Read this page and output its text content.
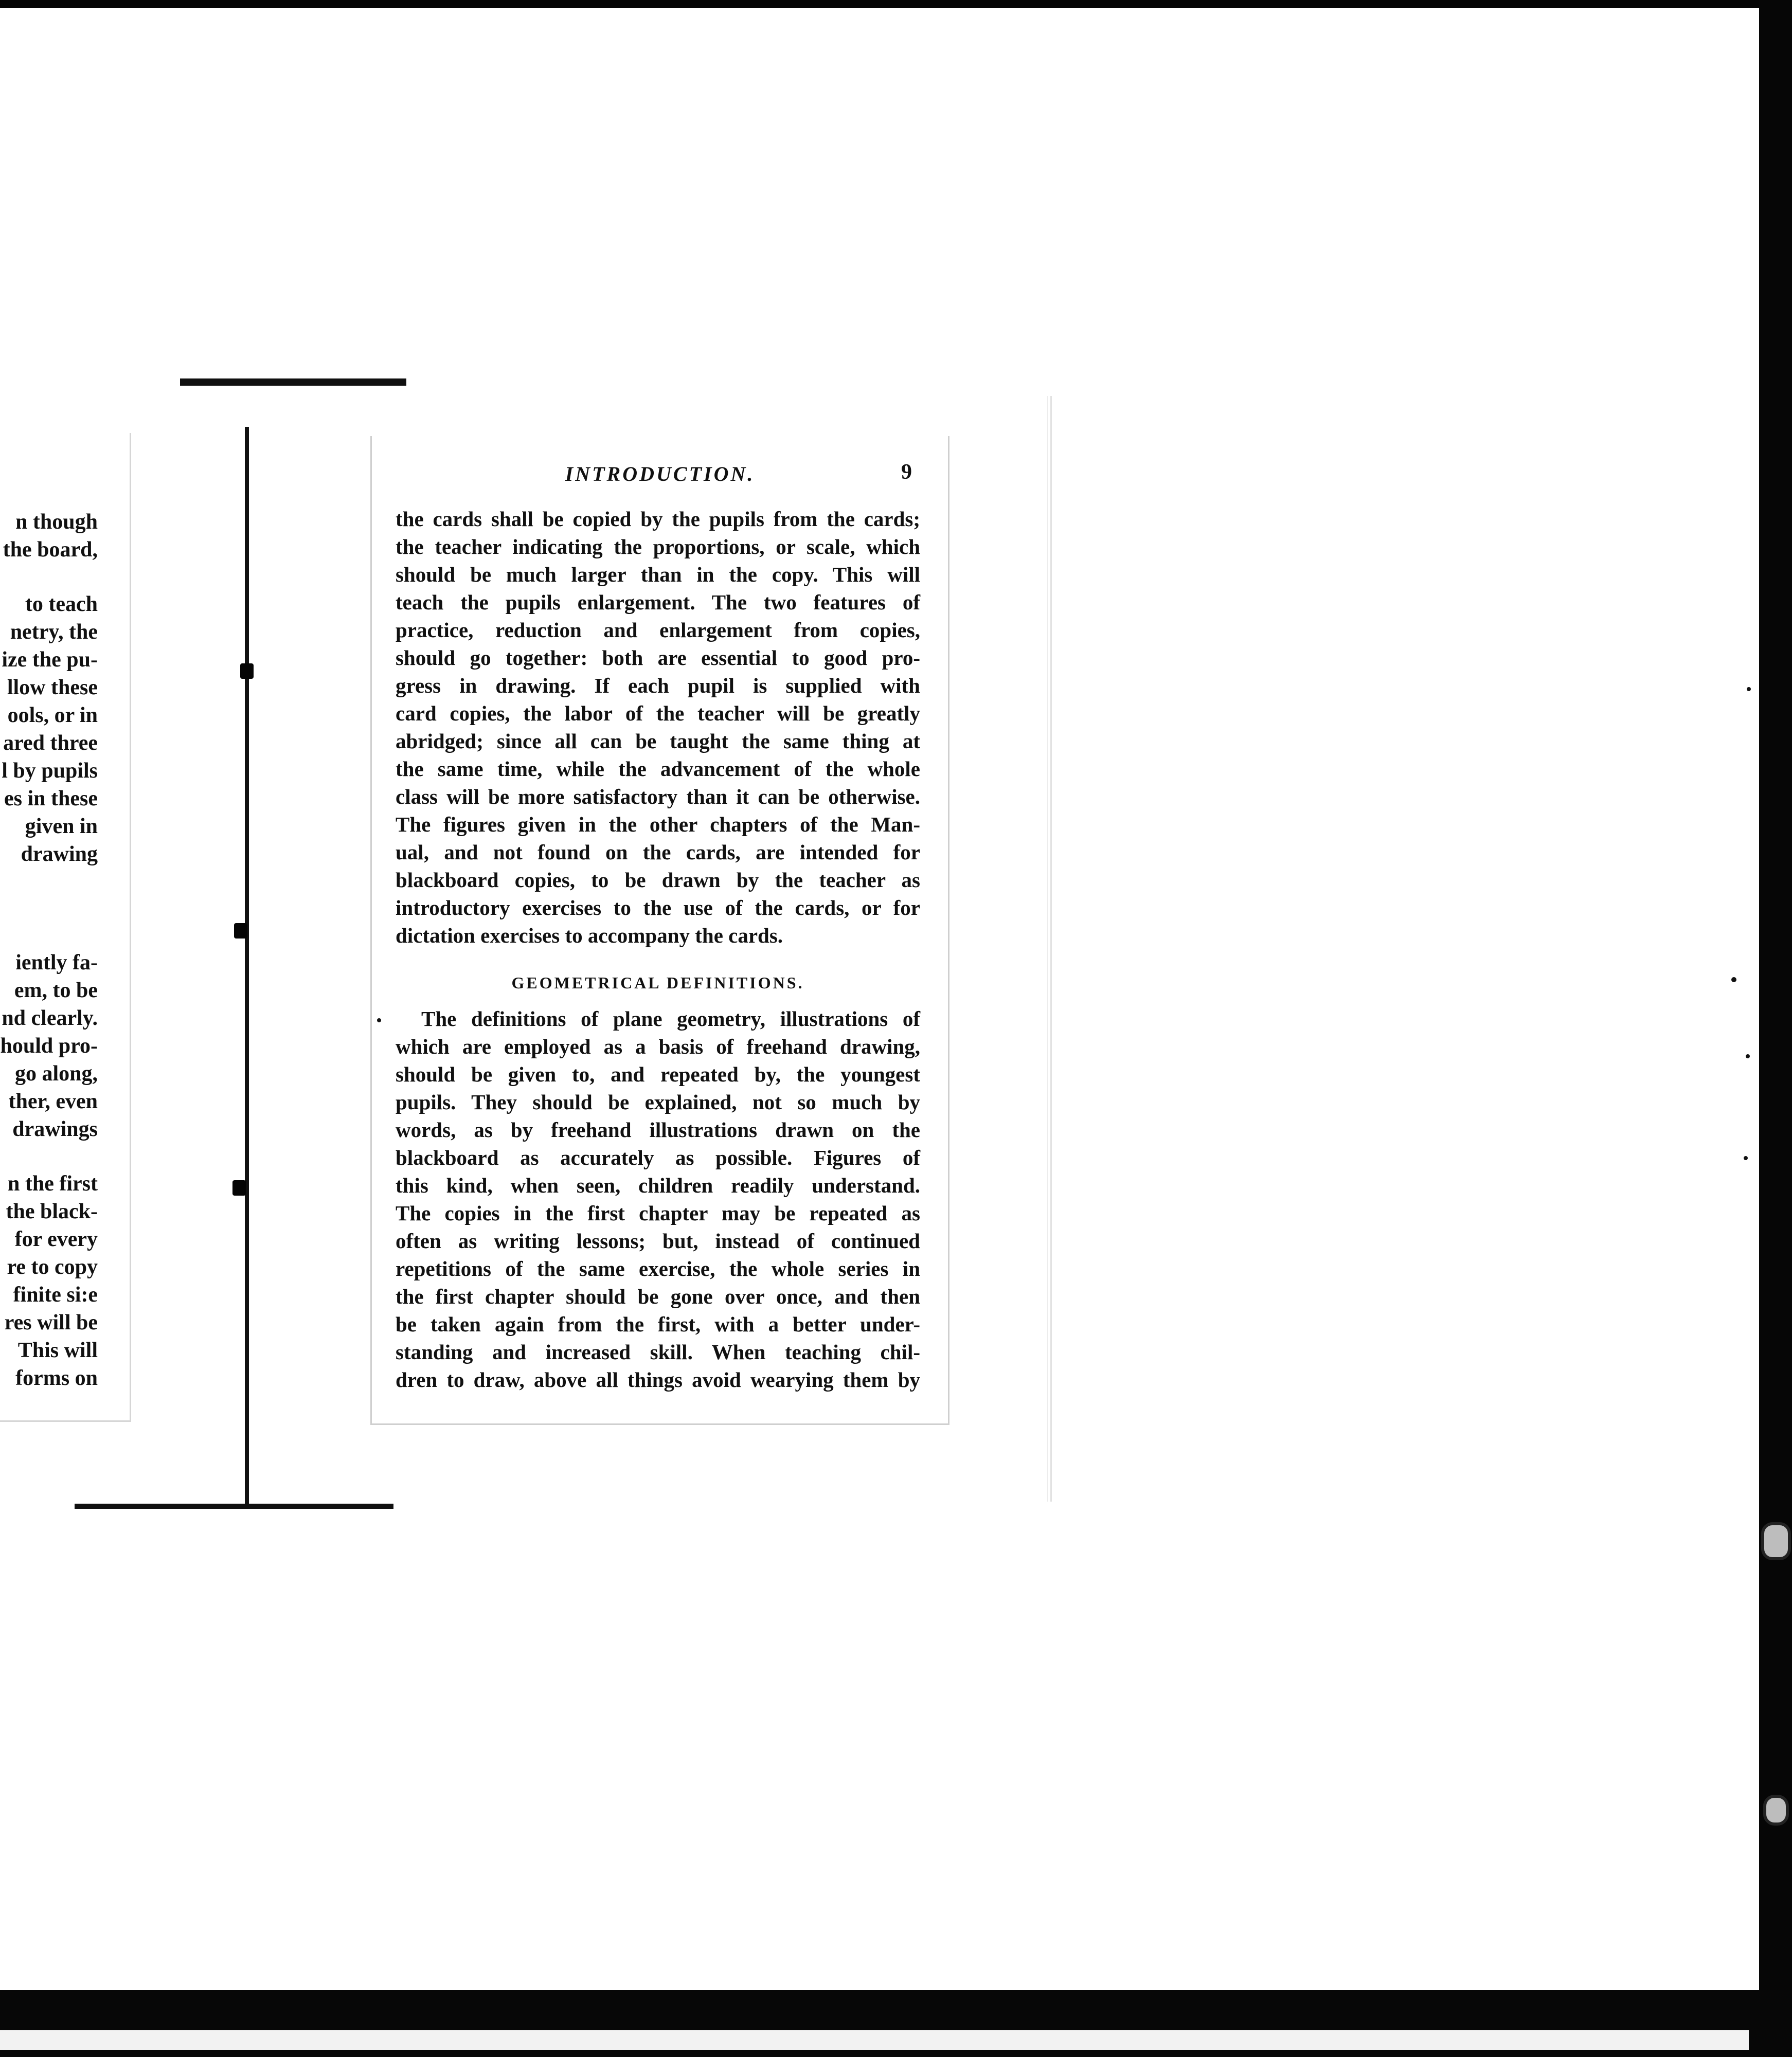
n though
the board,
to teach
netry, the
ize the pu-
llow these
ools, or in
ared three
l by pupils
es in these
given in
drawing
iently fa-
em, to be
nd clearly.
hould pro-
go along,
ther, even
drawings
n the first
the black-
for every
re to copy
finite si:e
res will be
This will
forms on
INTRODUCTION.	9
the cards shall be copied by the pupils from the cards;
the teacher indicating the proportions, or scale, which
should be much larger than in the copy. This will
teach the pupils enlargement. The two features of
practice, reduction and enlargement from copies,
should go together: both are essential to good pro-
gress in drawing. If each pupil is supplied with
card copies, the labor of the teacher will be greatly
abridged; since all can be taught the same thing at
the same time, while the advancement of the whole
class will be more satisfactory than it can be otherwise.
The figures given in the other chapters of the Man-
ual, and not found on the cards, are intended for
blackboard copies, to be drawn by the teacher as
introductory exercises to the use of the cards, or for
dictation exercises to accompany the cards.
GEOMETRICAL DEFINITIONS.
The definitions of plane geometry, illustrations of
which are employed as a basis of freehand drawing,
should be given to, and repeated by, the youngest
pupils. They should be explained, not so much by
words, as by freehand illustrations drawn on the
blackboard as accurately as possible. Figures of
this kind, when seen, children readily understand.
The copies in the first chapter may be repeated as
often as writing lessons; but, instead of continued
repetitions of the same exercise, the whole series in
the first chapter should be gone over once, and then
be taken again from the first, with a better under-
standing and increased skill. When teaching chil-
dren to draw, above all things avoid wearying them by
